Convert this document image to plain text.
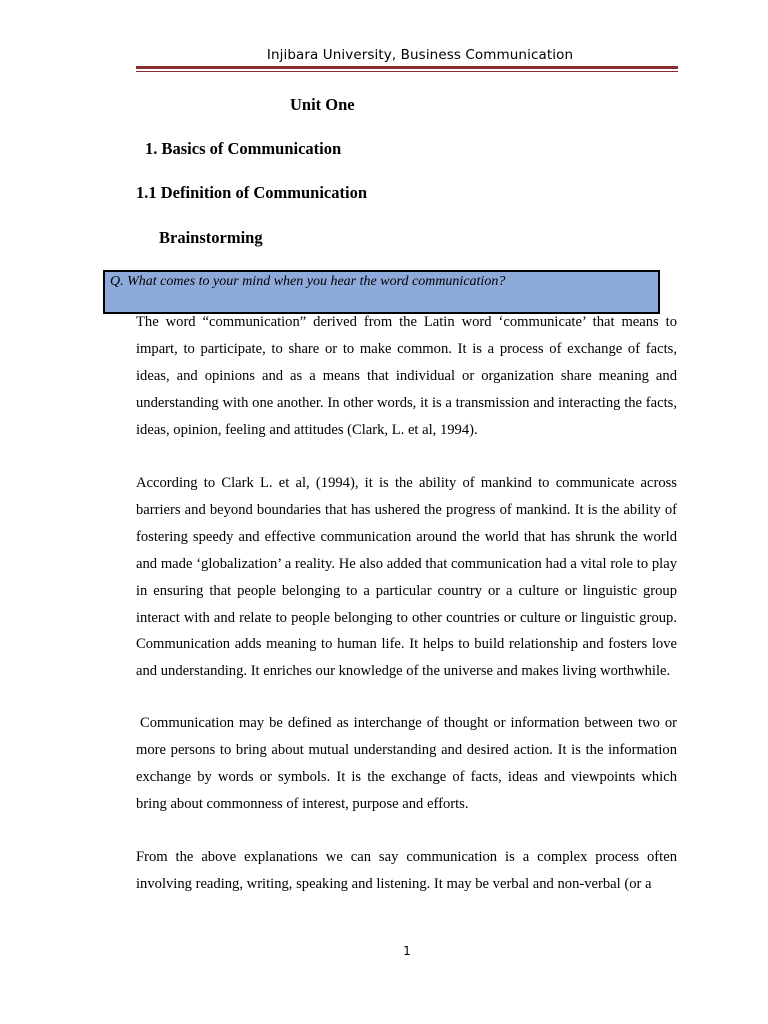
Injibara University, Business Communication
Unit One
1. Basics of Communication
1.1 Definition of Communication
Brainstorming
Q. What comes to your mind when you hear the word communication?

The word “communication” derived from the Latin word ‘communicate’ that means to impart, to participate, to share or to make common. It is a process of exchange of facts, ideas, and opinions and as a means that individual or organization share meaning and understanding with one another. In other words, it is a transmission and interacting the facts, ideas, opinion, feeling and attitudes (Clark, L. et al, 1994).

According to Clark L. et al, (1994), it is the ability of mankind to communicate across barriers and beyond boundaries that has ushered the progress of mankind. It is the ability of fostering speedy and effective communication around the world that has shrunk the world and made ‘globalization’ a reality. He also added that communication had a vital role to play in ensuring that people belonging to a particular country or a culture or linguistic group interact with and relate to people belonging to other countries or culture or linguistic group. Communication adds meaning to human life. It helps to build relationship and fosters love and understanding. It enriches our knowledge of the universe and makes living worthwhile.

Communication may be defined as interchange of thought or information between two or more persons to bring about mutual understanding and desired action. It is the information exchange by words or symbols. It is the exchange of facts, ideas and viewpoints which bring about commonness of interest, purpose and efforts.

From the above explanations we can say communication is a complex process often involving reading, writing, speaking and listening. It may be verbal and non-verbal (or a

1
